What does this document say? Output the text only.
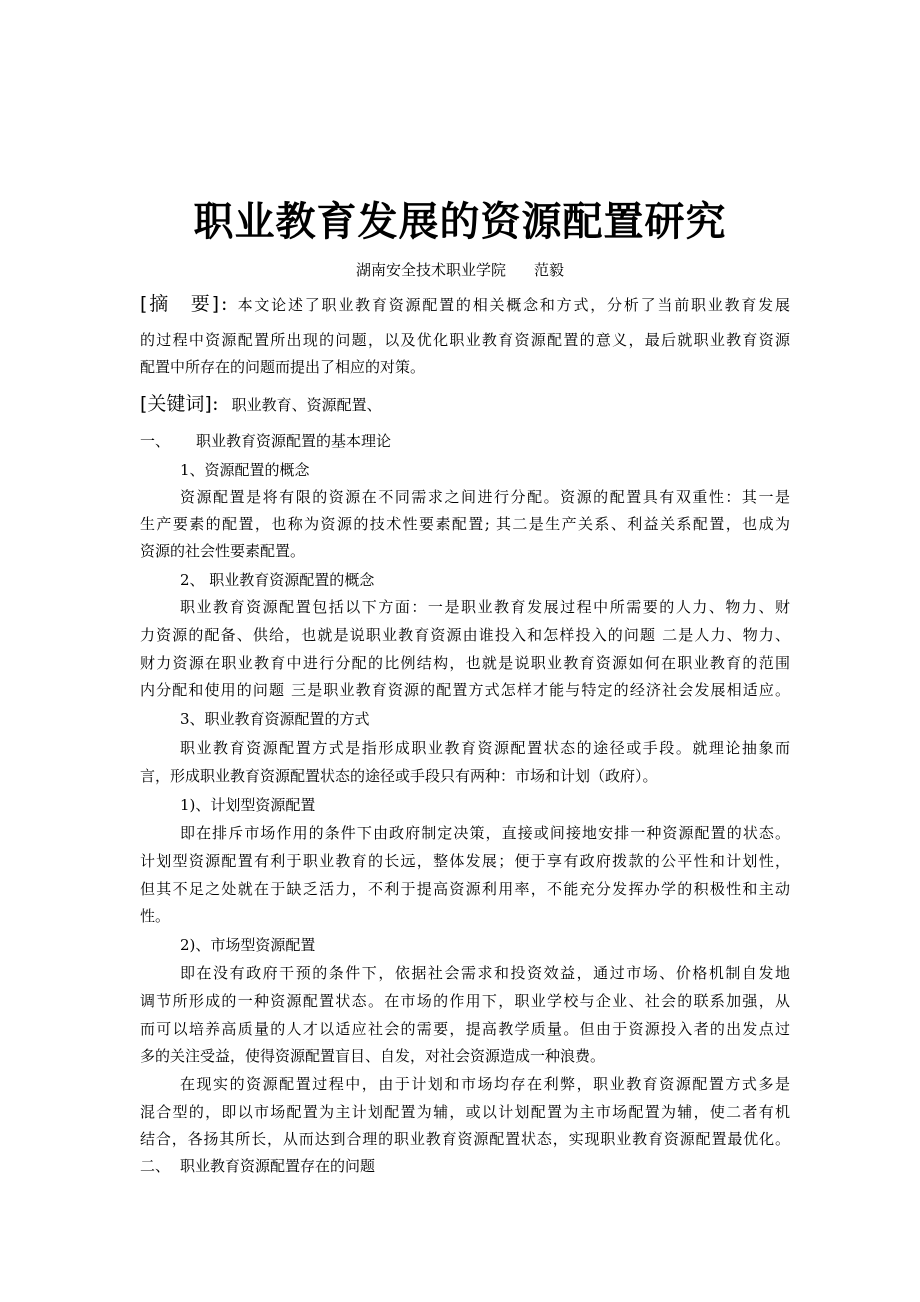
职业教育发展的资源配置研究
湖南安全技术职业学院 范毅
[摘　要]：本文论述了职业教育资源配置的相关概念和方式，分析了当前职业教育发展
的过程中资源配置所出现的问题，以及优化职业教育资源配置的意义，最后就职业教育资源
配置中所存在的问题而提出了相应的对策。
[关键词]： 职业教育、资源配置、
一、 职业教育资源配置的基本理论
1、资源配置的概念
资源配置是将有限的资源在不同需求之间进行分配。资源的配置具有双重性：其一是
生产要素的配置，也称为资源的技术性要素配置; 其二是生产关系、利益关系配置，也成为
资源的社会性要素配置。
2、 职业教育资源配置的概念
职业教育资源配置包括以下方面：一是职业教育发展过程中所需要的人力、物力、财
力资源的配备、供给，也就是说职业教育资源由谁投入和怎样投入的问题 二是人力、物力、
财力资源在职业教育中进行分配的比例结构，也就是说职业教育资源如何在职业教育的范围
内分配和使用的问题 三是职业教育资源的配置方式怎样才能与特定的经济社会发展相适应。
3、职业教育资源配置的方式
职业教育资源配置方式是指形成职业教育资源配置状态的途径或手段。就理论抽象而
言，形成职业教育资源配置状态的途径或手段只有两种：市场和计划（政府）。
1)、计划型资源配置
即在排斥市场作用的条件下由政府制定决策，直接或间接地安排一种资源配置的状态。
计划型资源配置有利于职业教育的长远，整体发展；便于享有政府拨款的公平性和计划性，
但其不足之处就在于缺乏活力，不利于提高资源利用率，不能充分发挥办学的积极性和主动
性。
2)、市场型资源配置
即在没有政府干预的条件下，依据社会需求和投资效益，通过市场、价格机制自发地
调节所形成的一种资源配置状态。在市场的作用下，职业学校与企业、社会的联系加强，从
而可以培养高质量的人才以适应社会的需要，提高教学质量。但由于资源投入者的出发点过
多的关注受益，使得资源配置盲目、自发，对社会资源造成一种浪费。
在现实的资源配置过程中，由于计划和市场均存在利弊，职业教育资源配置方式多是
混合型的，即以市场配置为主计划配置为辅，或以计划配置为主市场配置为辅，使二者有机
结合，各扬其所长，从而达到合理的职业教育资源配置状态，实现职业教育资源配置最优化。
二、 职业教育资源配置存在的问题
